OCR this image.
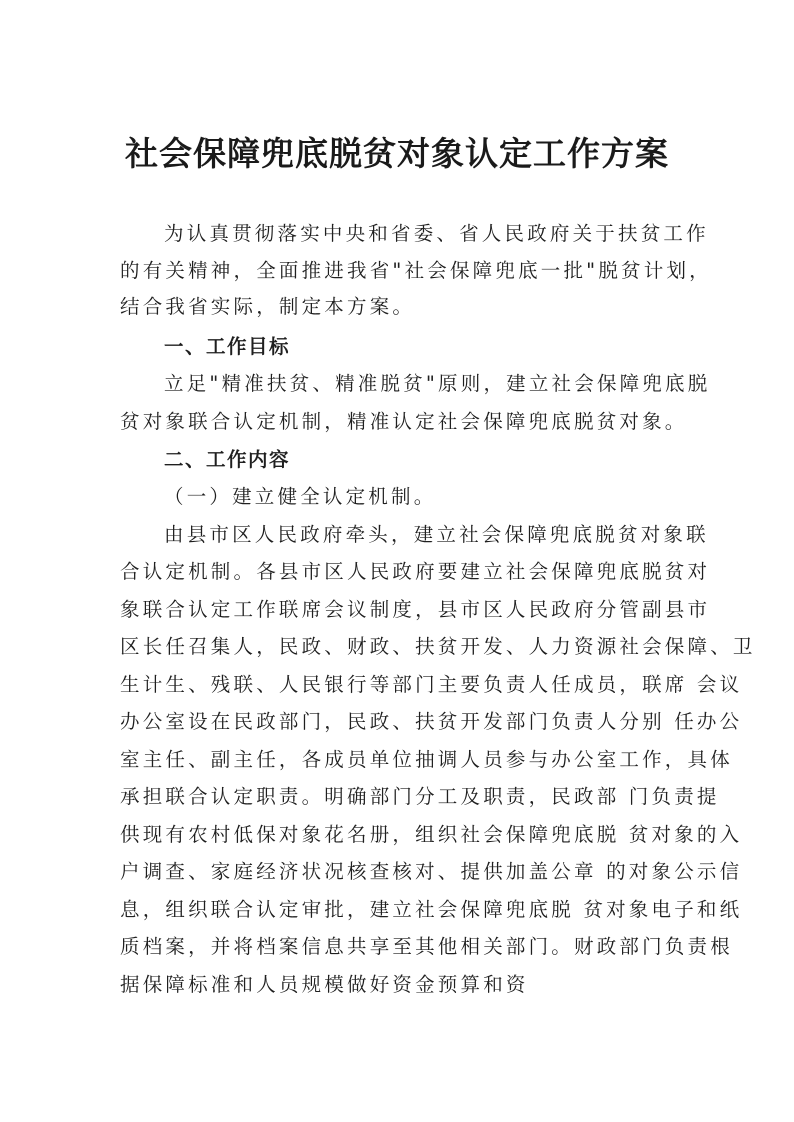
社会保障兜底脱贫对象认定工作方案

为认真贯彻落实中央和省委、省人民政府关于扶贫工作

的有关精神，全面推进我省"社会保障兜底一批"脱贫计划，

结合我省实际，制定本方案。

一、工作目标

立足"精准扶贫、精准脱贫"原则，建立社会保障兜底脱

贫对象联合认定机制，精准认定社会保障兜底脱贫对象。

二、工作内容

（一）建立健全认定机制。

由县市区人民政府牵头，建立社会保障兜底脱贫对象联

合认定机制。各县市区人民政府要建立社会保障兜底脱贫对

象联合认定工作联席会议制度，县市区人民政府分管副县市

区长任召集人，民政、财政、扶贫开发、人力资源社会保障、卫

生计生、残联、人民银行等部门主要负责人任成员，联席 会议

办公室设在民政部门，民政、扶贫开发部门负责人分别 任办公

室主任、副主任，各成员单位抽调人员参与办公室工作，具体

承担联合认定职责。明确部门分工及职责，民政部 门负责提

供现有农村低保对象花名册，组织社会保障兜底脱 贫对象的入

户调查、家庭经济状况核查核对、提供加盖公章 的对象公示信

息，组织联合认定审批，建立社会保障兜底脱 贫对象电子和纸

质档案，并将档案信息共享至其他相关部门。财政部门负责根

据保障标准和人员规模做好资金预算和资
